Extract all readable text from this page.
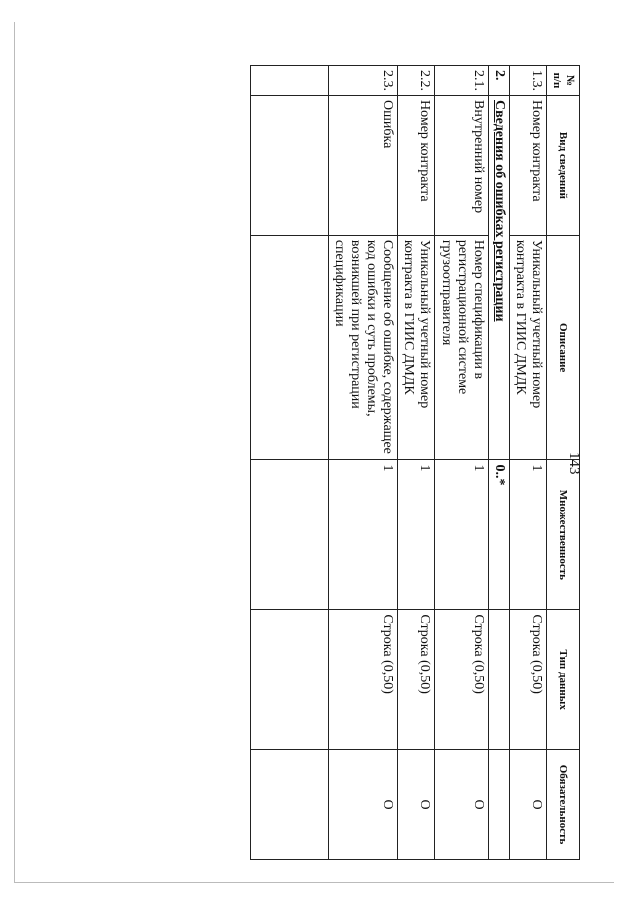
143
№ п/п	Вид сведений	Описание	Множественность	Тип данных	Обязательность
1.3.	Номер контракта	Уникальный учетный номер контракта в ГИИС ДМДК	1	Строка (0,50)	О
2.	Сведения об ошибках регистрации		0..*		
2.1.	Внутренний номер	Номер спецификации в регистрационной системе грузоотправителя	1	Строка (0,50)	О
2.2.	Номер контракта	Уникальный учетный номер контракта в ГИИС ДМДК	1	Строка (0,50)	О
2.3.	Ошибка	Сообщение об ошибке, содержащее код ошибки и суть проблемы, возникшей при регистрации спецификации	1	Строка (0,50)	О
